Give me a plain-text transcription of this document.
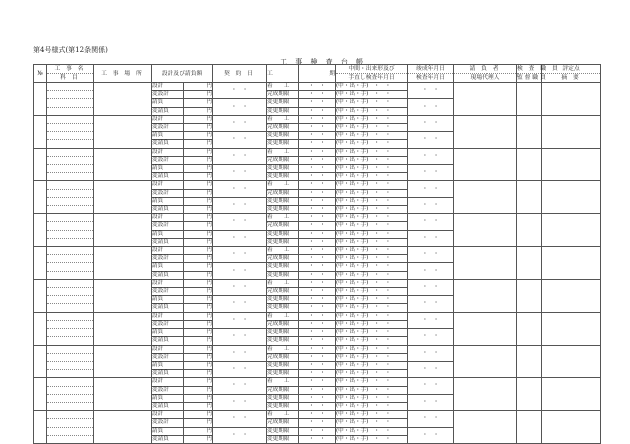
第4号様式(第12条関係)
工 事 検 査 台 帳
№	工 事 名	工 事 場 所	設計及び請負額		契 約 日	工	期	中間・出来形及び	竣成年月日	請 負 者	検 査 職 員	評定点
	科 目							手直し検査年月日	検査年月日	現場代理人	監 督 職 員	摘 要
			設計	円	・　・	着　　工	・　・	(中・出・手)　・　・	・　・			
			変設計	円		完成期限	・　・	(中・出・手)　・　・				
			請負	円	・　・	変更期限	・　・	(中・出・手)　・　・	・　・			
			変請負	円		変更期限	・　・	(中・出・手)　・　・				
			設計	円	・　・	着　　工	・　・	(中・出・手)　・　・	・　・			
			変設計	円		完成期限	・　・	(中・出・手)　・　・				
			請負	円	・　・	変更期限	・　・	(中・出・手)　・　・	・　・			
			変請負	円		変更期限	・　・	(中・出・手)　・　・				
			設計	円	・　・	着　　工	・　・	(中・出・手)　・　・	・　・			
			変設計	円		完成期限	・　・	(中・出・手)　・　・				
			請負	円	・　・	変更期限	・　・	(中・出・手)　・　・	・　・			
			変請負	円		変更期限	・　・	(中・出・手)　・　・				
			設計	円	・　・	着　　工	・　・	(中・出・手)　・　・	・　・			
			変設計	円		完成期限	・　・	(中・出・手)　・　・				
			請負	円	・　・	変更期限	・　・	(中・出・手)　・　・	・　・			
			変請負	円		変更期限	・　・	(中・出・手)　・　・				
			設計	円	・　・	着　　工	・　・	(中・出・手)　・　・	・　・			
			変設計	円		完成期限	・　・	(中・出・手)　・　・				
			請負	円	・　・	変更期限	・　・	(中・出・手)　・　・	・　・			
			変請負	円		変更期限	・　・	(中・出・手)　・　・				
			設計	円	・　・	着　　工	・　・	(中・出・手)　・　・	・　・			
			変設計	円		完成期限	・　・	(中・出・手)　・　・				
			請負	円	・　・	変更期限	・　・	(中・出・手)　・　・	・　・			
			変請負	円		変更期限	・　・	(中・出・手)　・　・				
			設計	円	・　・	着　　工	・　・	(中・出・手)　・　・	・　・			
			変設計	円		完成期限	・　・	(中・出・手)　・　・				
			請負	円	・　・	変更期限	・　・	(中・出・手)　・　・	・　・			
			変請負	円		変更期限	・　・	(中・出・手)　・　・				
			設計	円	・　・	着　　工	・　・	(中・出・手)　・　・	・　・			
			変設計	円		完成期限	・　・	(中・出・手)　・　・				
			請負	円	・　・	変更期限	・　・	(中・出・手)　・　・	・　・			
			変請負	円		変更期限	・　・	(中・出・手)　・　・				
			設計	円	・　・	着　　工	・　・	(中・出・手)　・　・	・　・			
			変設計	円		完成期限	・　・	(中・出・手)　・　・				
			請負	円	・　・	変更期限	・　・	(中・出・手)　・　・	・　・			
			変請負	円		変更期限	・　・	(中・出・手)　・　・				
			設計	円	・　・	着　　工	・　・	(中・出・手)　・　・	・　・			
			変設計	円		完成期限	・　・	(中・出・手)　・　・				
			請負	円	・　・	変更期限	・　・	(中・出・手)　・　・	・　・			
			変請負	円		変更期限	・　・	(中・出・手)　・　・				
			設計	円	・　・	着　　工	・　・	(中・出・手)　・　・	・　・			
			変設計	円		完成期限	・　・	(中・出・手)　・　・				
			請負	円	・　・	変更期限	・　・	(中・出・手)　・　・	・　・			
			変請負	円		変更期限	・　・	(中・出・手)　・　・				
